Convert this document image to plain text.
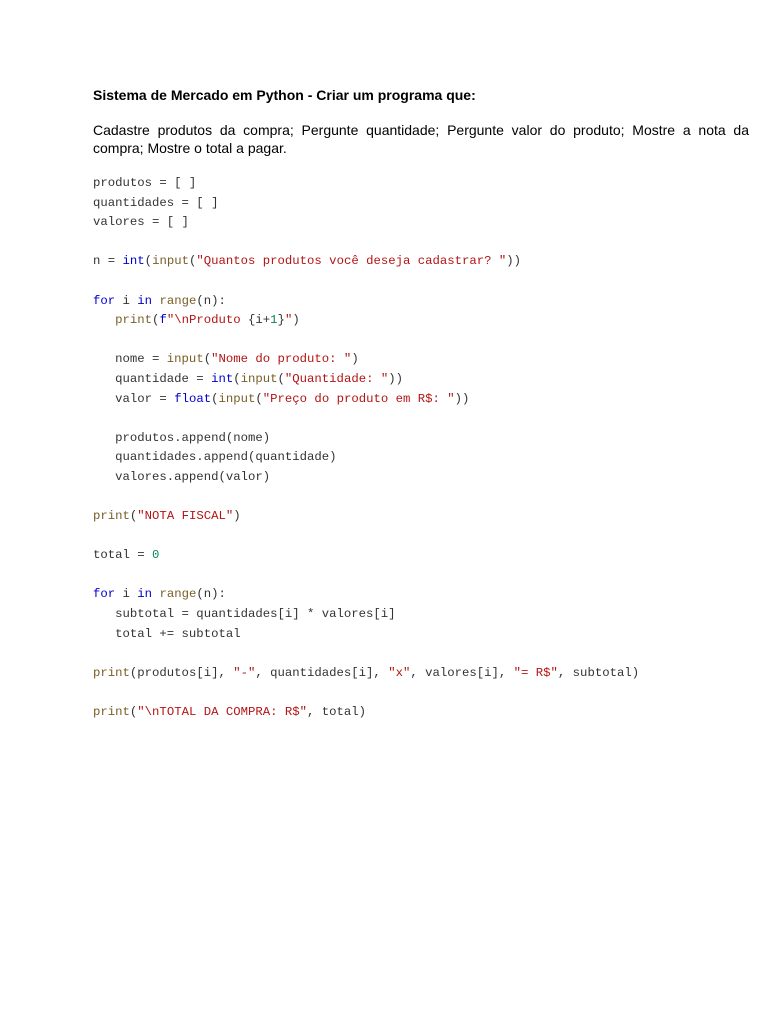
Sistema de Mercado em Python - Criar um programa que:

Cadastre produtos da compra; Pergunte quantidade; Pergunte valor do produto; Mostre a nota da compra; Mostre o total a pagar.

produtos = [ ]
quantidades = [ ]
valores = [ ]
n = int(input("Quantos produtos você deseja cadastrar? "))
for i in range(n):
print(f"\nProduto {i+1}")
nome = input("Nome do produto: ")
quantidade = int(input("Quantidade: "))
valor = float(input("Preço do produto em R$: "))
produtos.append(nome)
quantidades.append(quantidade)
valores.append(valor)
print("NOTA FISCAL")
total = 0
for i in range(n):
subtotal = quantidades[i] * valores[i]
total += subtotal
print(produtos[i], "-", quantidades[i], "x", valores[i], "= R$", subtotal)
print("\nTOTAL DA COMPRA: R$", total)
